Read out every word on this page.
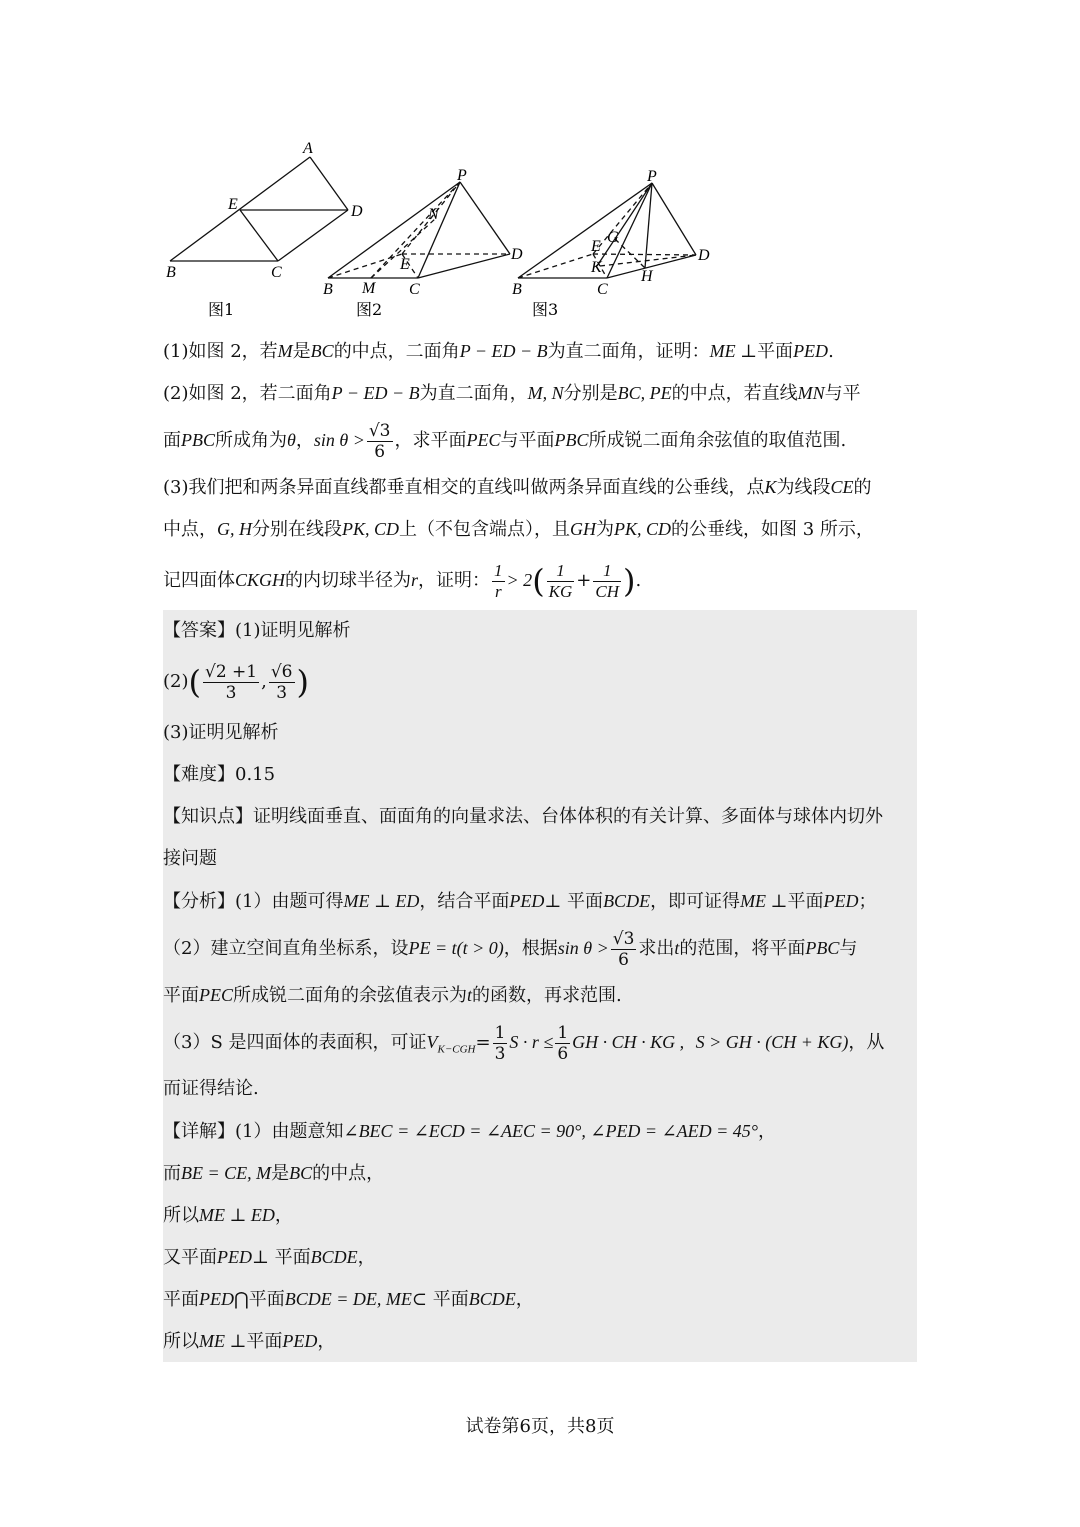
A
E	D
B	C
图1
P
N
E
D
B M C
图2
P
G
E
K
H
D
B	C
图3
(1)如图 2，若M是BC的中点，二面角P − ED − B为直二面角，证明：ME ⊥平面PED.
(2)如图 2，若二面角P − ED − B为直二面角，M, N分别是BC, PE的中点，若直线MN与平
面PBC所成角为θ，$\sin \theta > \frac{√3}{6}$ ，求平面PEC与平面PBC所成锐二面角余弦值的取值范围.
(3)我们把和两条异面直线都垂直相交的直线叫做两条异面直线的公垂线，点K为线段CE的
中点，G, H分别在线段PK, CD上（不包含端点），且GH为PK, CD的公垂线，如图 3 所示，
记四面体CKGH的内切球半径为r，证明： $\frac{1}{r} > 2( \frac{1}{KG} + \frac{1}{CH}$ ).
【答案】(1)证明见解析
$(2)( \frac{√2 +1}{3}$ , $\frac{√6}{3}$ )
(3)证明见解析
【难度】0.15
【知识点】证明线面垂直、面面角的向量求法、台体体积的有关计算、多面体与球体内切外
接问题
【分析】(1）由题可得ME ⊥ ED，结合平面PED⊥ 平面BCDE，即可证得ME ⊥平面PED；
（2）建立空间直角坐标系，设PE = t(t > 0)，根据$\sin \theta > \frac{√3}{6}$ 求出t的范围，将平面PBC与
平面PEC所成锐二面角的余弦值表示为t的函数，再求范围.
（3）S 是四面体的表面积，可证$V_{K-CGH}= \frac{1}{3}$ $S \cdot r \le \frac{1}{6}$ GH · CH · KG , S > GH · (CH + KG)，从
而证得结论.
【详解】(1）由题意知∠BEC = ∠ECD = ∠AEC = 90°, ∠PED = ∠AED = 45°，
而BE = CE, M是BC的中点，
所以ME ⊥ ED，
又平面PED⊥ 平面BCDE，
平面PED⋂平面BCDE = DE, ME⊂ 平面BCDE，
所以ME ⊥平面PED，
试卷第6页，共8页
